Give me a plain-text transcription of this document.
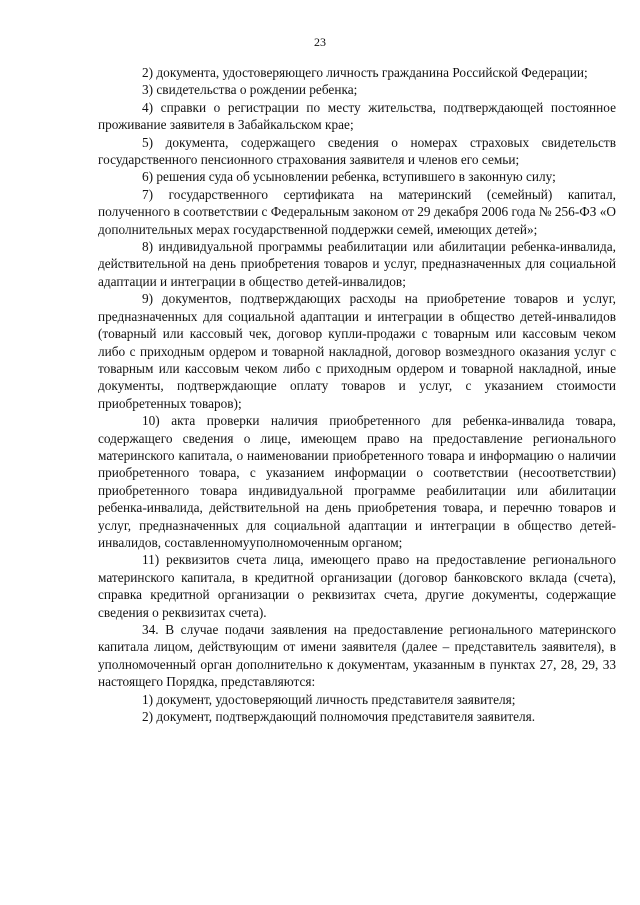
23

2) документа, удостоверяющего личность гражданина Российской Федерации;

3) свидетельства о рождении ребенка;

4) справки о регистрации по месту жительства, подтверждающей постоянное проживание заявителя в Забайкальском крае;

5) документа, содержащего сведения о номерах страховых свидетельств государственного пенсионного страхования заявителя и членов его семьи;

6) решения суда об усыновлении ребенка, вступившего в законную силу;

7) государственного сертификата на материнский (семейный) капитал, полученного в соответствии с Федеральным законом от 29 декабря 2006 года № 256-ФЗ «О дополнительных мерах государственной поддержки семей, имеющих детей»;

8) индивидуальной программы реабилитации или абилитации ребенка-инвалида, действительной на день приобретения товаров и услуг, предназначенных для социальной адаптации и интеграции в общество детей-инвалидов;

9) документов, подтверждающих расходы на приобретение товаров и услуг, предназначенных для социальной адаптации и интеграции в общество детей-инвалидов (товарный или кассовый чек, договор купли-продажи с товарным или кассовым чеком либо с приходным ордером и товарной накладной, договор возмездного оказания услуг с товарным или кассовым чеком либо с приходным ордером и товарной накладной, иные документы, подтверждающие оплату товаров и услуг, с указанием стоимости приобретенных товаров);

10) акта проверки наличия приобретенного для ребенка-инвалида товара, содержащего сведения о лице, имеющем право на предоставление регионального материнского капитала, о наименовании приобретенного товара и информацию о наличии приобретенного товара, с указанием информации о соответствии (несоответствии) приобретенного товара индивидуальной программе реабилитации или абилитации ребенка-инвалида, действительной на день приобретения товара, и перечню товаров и услуг, предназначенных для социальной адаптации и интеграции в общество детей-инвалидов, составленномууполномоченным органом;

11) реквизитов счета лица, имеющего право на предоставление регионального материнского капитала, в кредитной организации (договор банковского вклада (счета), справка кредитной организации о реквизитах счета, другие документы, содержащие сведения о реквизитах счета).

34. В случае подачи заявления на предоставление регионального материнского капитала лицом, действующим от имени заявителя (далее – представитель заявителя), в уполномоченный орган дополнительно к документам, указанным в пунктах 27, 28, 29, 33 настоящего Порядка, представляются:

1) документ, удостоверяющий личность представителя заявителя;

2) документ, подтверждающий полномочия представителя заявителя.
